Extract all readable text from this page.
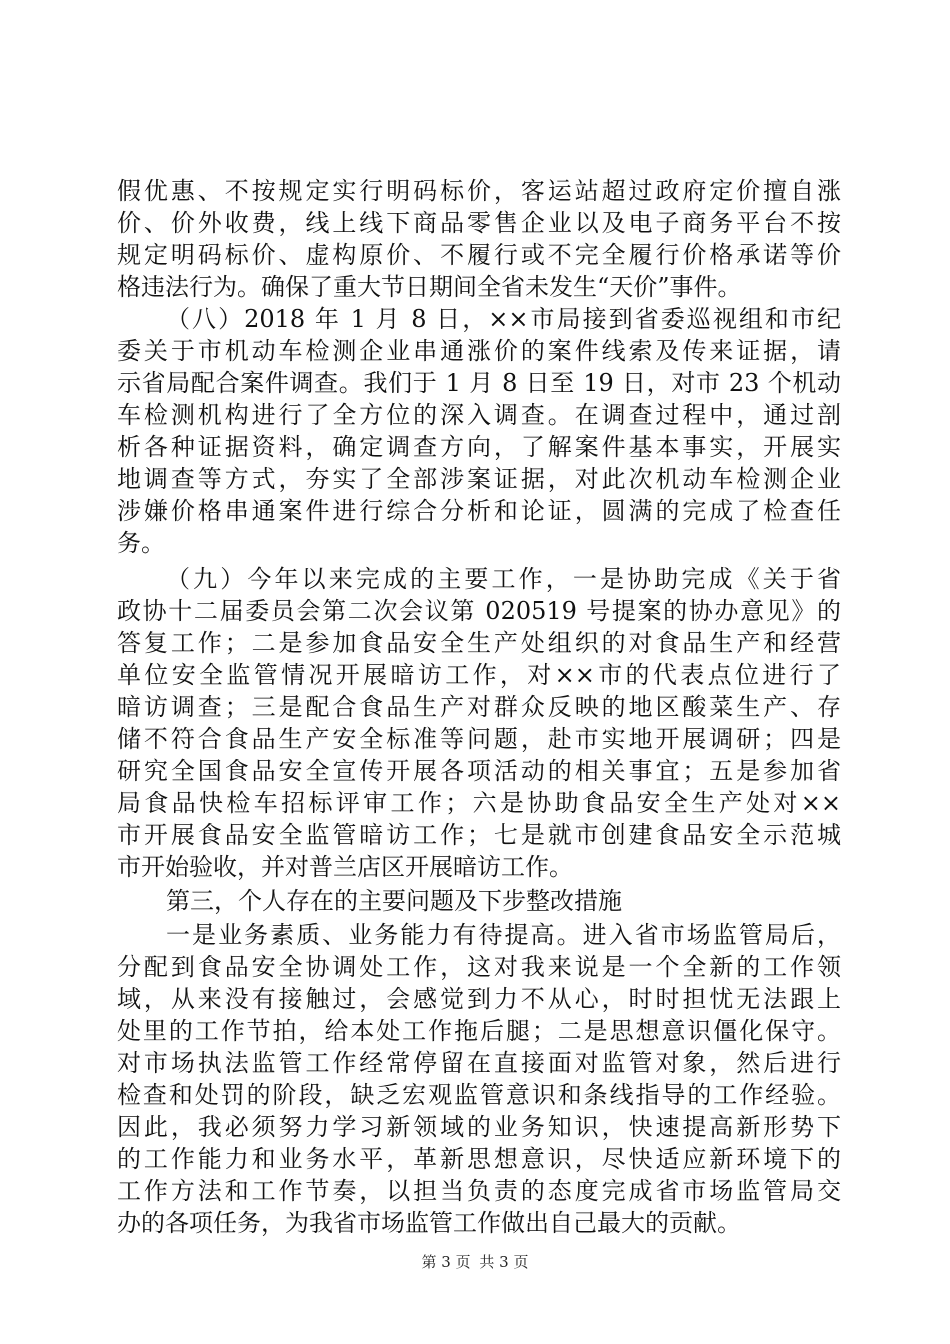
假优惠、不按规定实行明码标价，客运站超过政府定价擅自涨
价、价外收费，线上线下商品零售企业以及电子商务平台不按
规定明码标价、虚构原价、不履行或不完全履行价格承诺等价
格违法行为。确保了重大节日期间全省未发生“天价”事件。
（八）2018 年 1 月 8 日，××市局接到省委巡视组和市纪
委关于市机动车检测企业串通涨价的案件线索及传来证据，请
示省局配合案件调查。我们于 1 月 8 日至 19 日，对市 23 个机动
车检测机构进行了全方位的深入调查。在调查过程中，通过剖
析各种证据资料，确定调查方向，了解案件基本事实，开展实
地调查等方式，夯实了全部涉案证据，对此次机动车检测企业
涉嫌价格串通案件进行综合分析和论证，圆满的完成了检查任
务。
（九）今年以来完成的主要工作，一是协助完成《关于省
政协十二届委员会第二次会议第 020519 号提案的协办意见》的
答复工作；二是参加食品安全生产处组织的对食品生产和经营
单位安全监管情况开展暗访工作，对××市的代表点位进行了
暗访调查；三是配合食品生产对群众反映的地区酸菜生产、存
储不符合食品生产安全标准等问题，赴市实地开展调研；四是
研究全国食品安全宣传开展各项活动的相关事宜；五是参加省
局食品快检车招标评审工作；六是协助食品安全生产处对××
市开展食品安全监管暗访工作；七是就市创建食品安全示范城
市开始验收，并对普兰店区开展暗访工作。
第三，个人存在的主要问题及下步整改措施
一是业务素质、业务能力有待提高。进入省市场监管局后，
分配到食品安全协调处工作，这对我来说是一个全新的工作领
域，从来没有接触过，会感觉到力不从心，时时担忧无法跟上
处里的工作节拍，给本处工作拖后腿；二是思想意识僵化保守。
对市场执法监管工作经常停留在直接面对监管对象，然后进行
检查和处罚的阶段，缺乏宏观监管意识和条线指导的工作经验。
因此，我必须努力学习新领域的业务知识，快速提高新形势下
的工作能力和业务水平，革新思想意识，尽快适应新环境下的
工作方法和工作节奏，以担当负责的态度完成省市场监管局交
办的各项任务，为我省市场监管工作做出自己最大的贡献。
第 3 页 共 3 页
